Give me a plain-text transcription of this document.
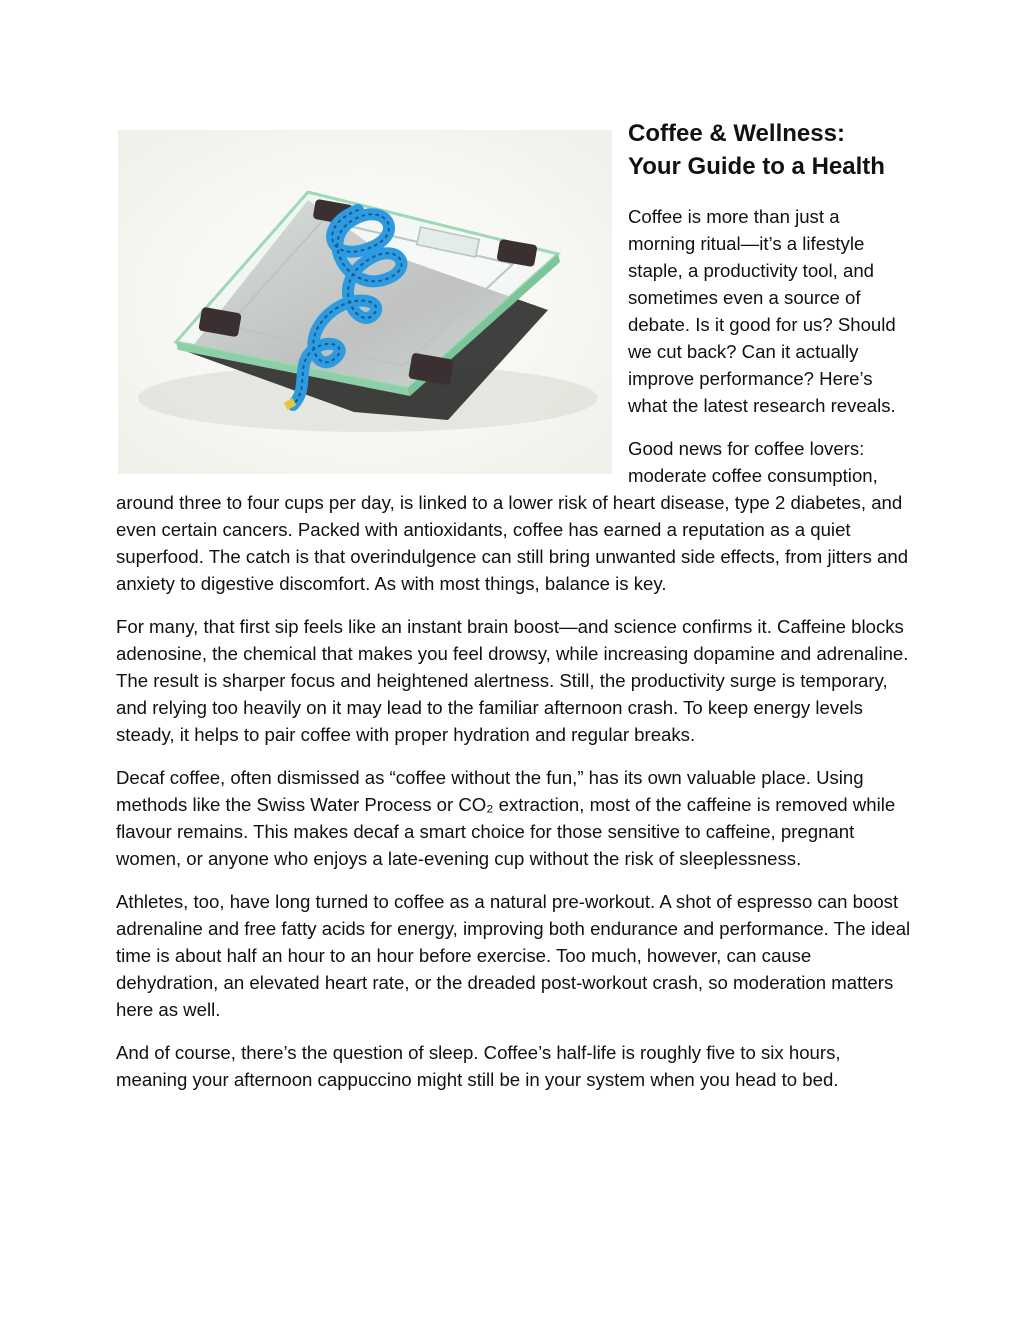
Coffee & Wellness:
Your Guide to a Health

Coffee is more than just a morning ritual—it’s a lifestyle staple, a productivity tool, and sometimes even a source of debate. Is it good for us? Should we cut back? Can it actually improve performance? Here’s what the latest research reveals.

Good news for coffee lovers: moderate coffee consumption, around three to four cups per day, is linked to a lower risk of heart disease, type 2 diabetes, and even certain cancers. Packed with antioxidants, coffee has earned a reputation as a quiet superfood. The catch is that overindulgence can still bring unwanted side effects, from jitters and anxiety to digestive discomfort. As with most things, balance is key.

For many, that first sip feels like an instant brain boost—and science confirms it. Caffeine blocks adenosine, the chemical that makes you feel drowsy, while increasing dopamine and adrenaline. The result is sharper focus and heightened alertness. Still, the productivity surge is temporary, and relying too heavily on it may lead to the familiar afternoon crash. To keep energy levels steady, it helps to pair coffee with proper hydration and regular breaks.

Decaf coffee, often dismissed as “coffee without the fun,” has its own valuable place. Using methods like the Swiss Water Process or CO₂ extraction, most of the caffeine is removed while flavour remains. This makes decaf a smart choice for those sensitive to caffeine, pregnant women, or anyone who enjoys a late-evening cup without the risk of sleeplessness.

Athletes, too, have long turned to coffee as a natural pre-workout. A shot of espresso can boost adrenaline and free fatty acids for energy, improving both endurance and performance. The ideal time is about half an hour to an hour before exercise. Too much, however, can cause dehydration, an elevated heart rate, or the dreaded post-workout crash, so moderation matters here as well.

And of course, there’s the question of sleep. Coffee’s half-life is roughly five to six hours, meaning your afternoon cappuccino might still be in your system when you head to bed.
